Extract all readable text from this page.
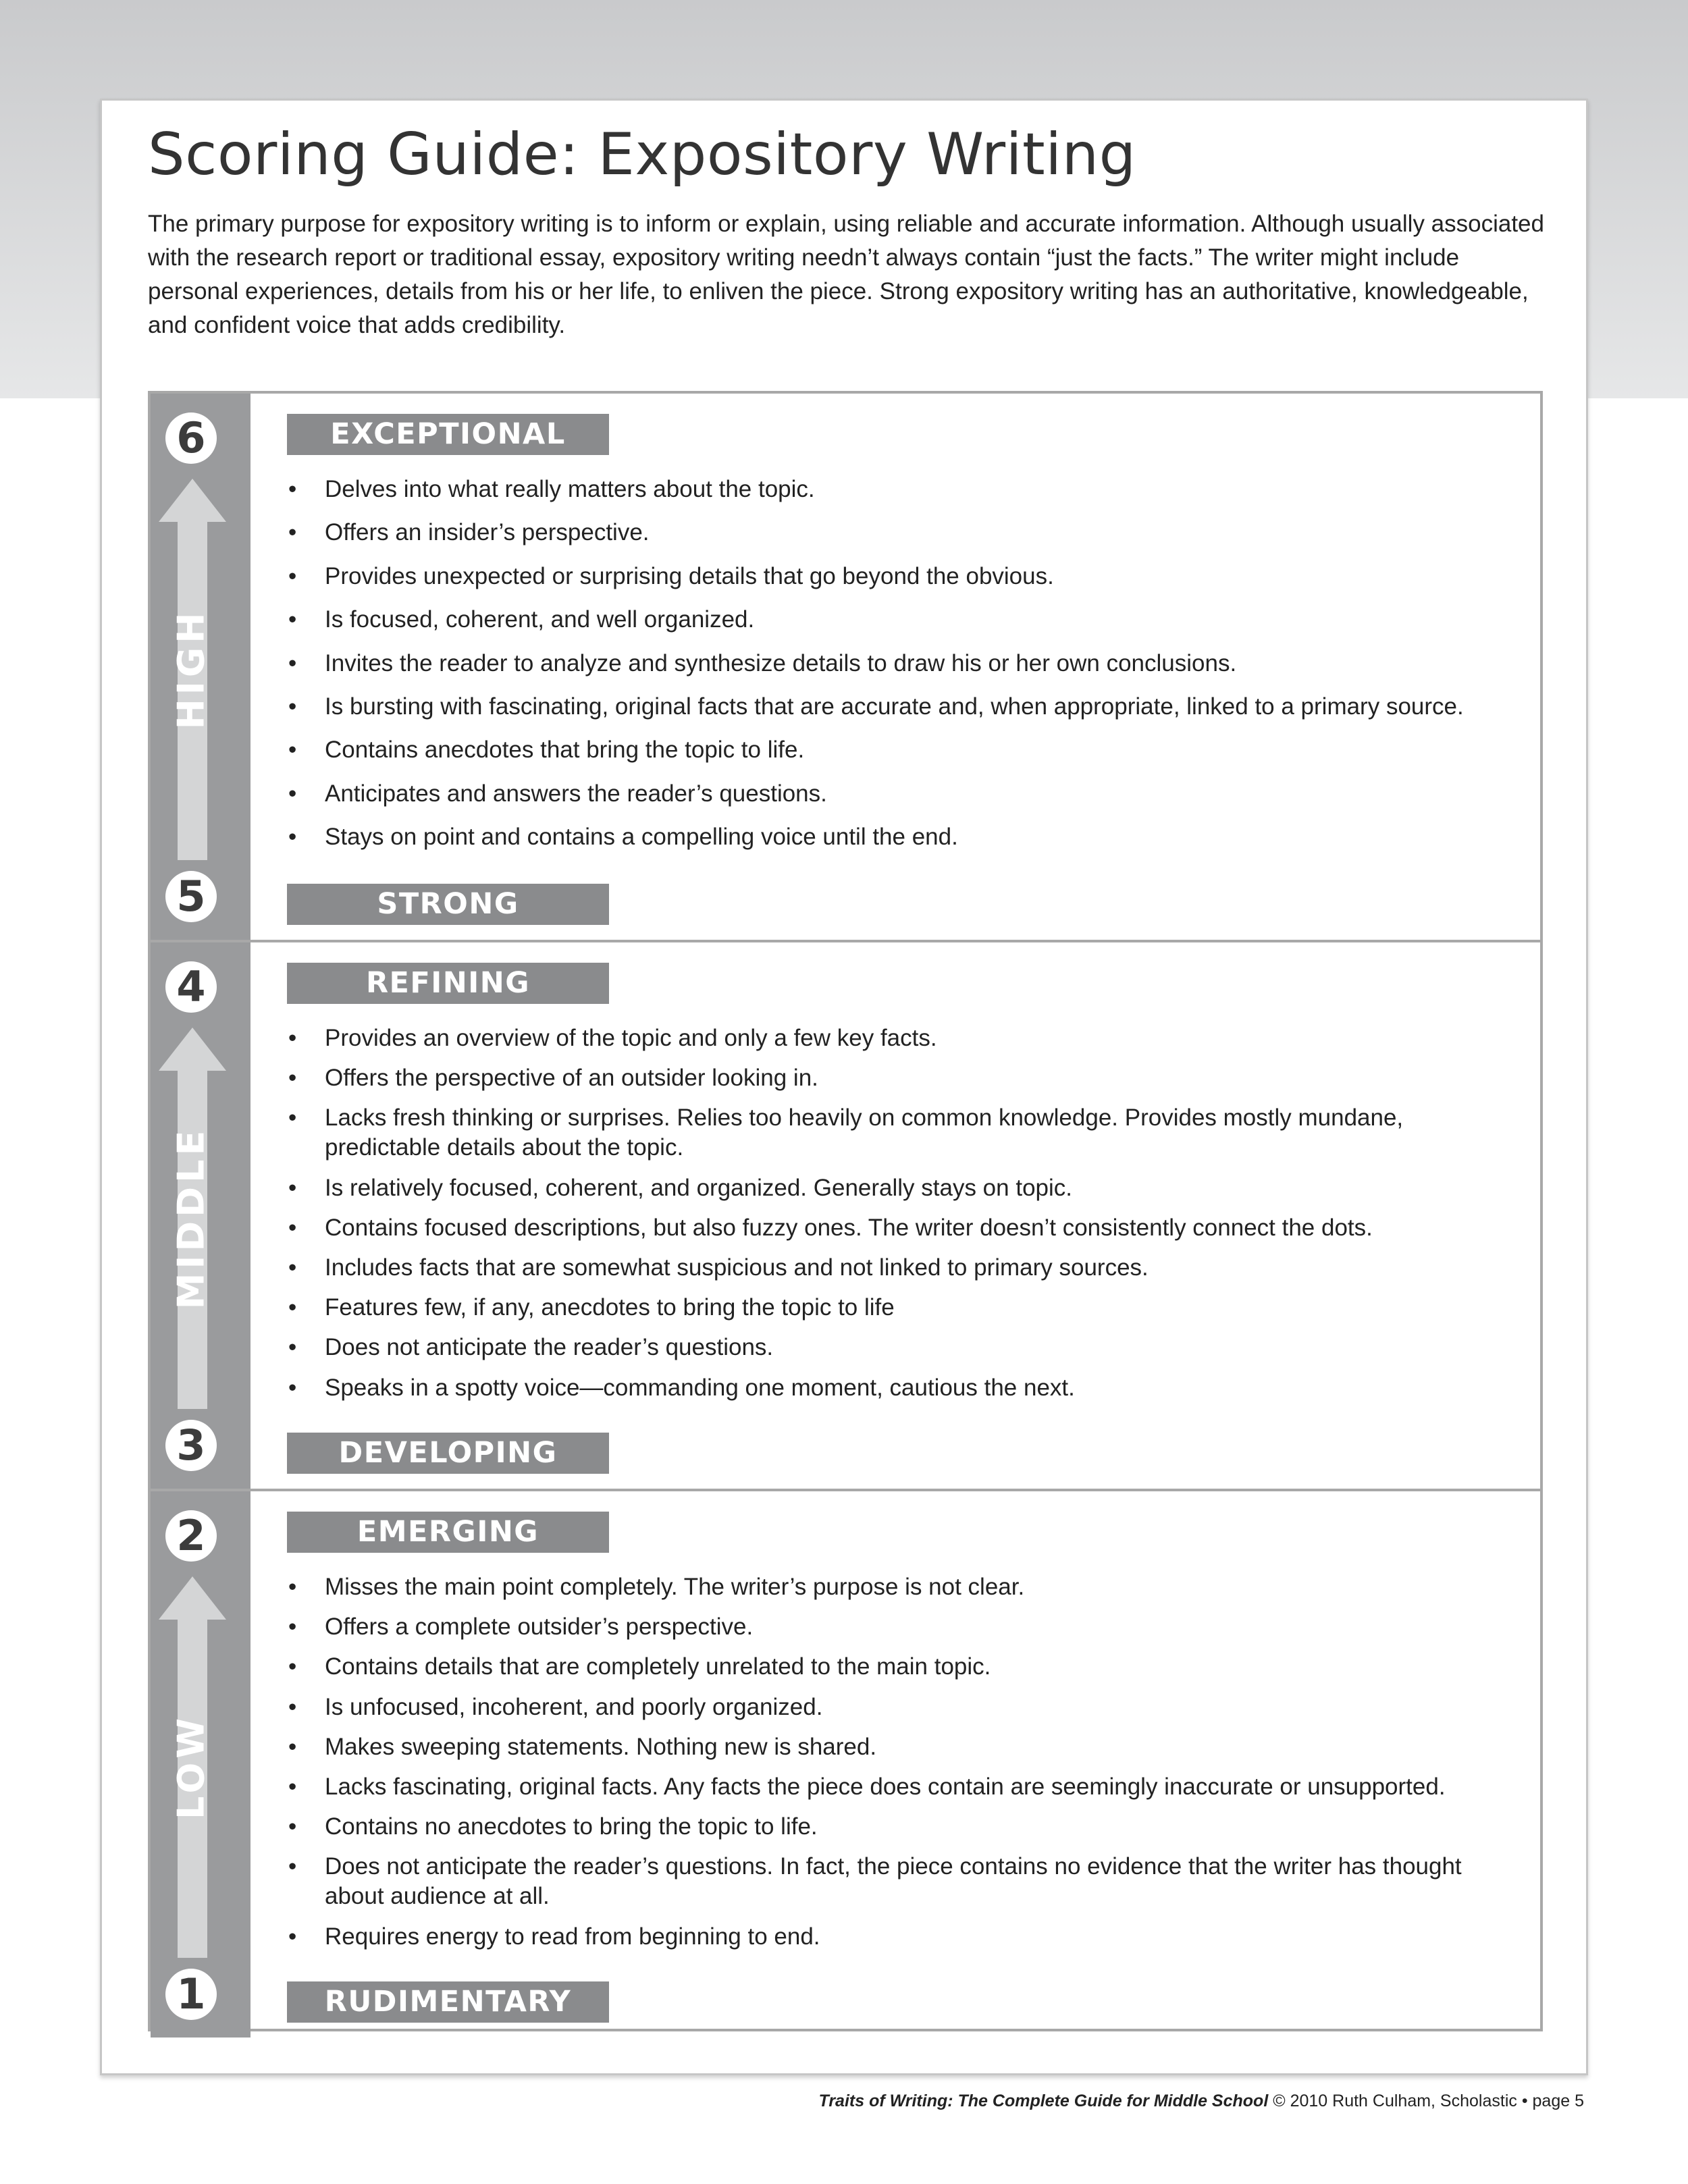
Scoring Guide: Expository Writing

The primary purpose for expository writing is to inform or explain, using reliable and accurate information. Although usually associated with the research report or traditional essay, expository writing needn’t always contain “just the facts.” The writer might include personal experiences, details from his or her life, to enliven the piece. Strong expository writing has an authoritative, knowledgeable, and confident voice that adds credibility.

6
HIGH
5
EXCEPTIONAL
• Delves into what really matters about the topic.
• Offers an insider’s perspective.
• Provides unexpected or surprising details that go beyond the obvious.
• Is focused, coherent, and well organized.
• Invites the reader to analyze and synthesize details to draw his or her own conclusions.
• Is bursting with fascinating, original facts that are accurate and, when appropriate, linked to a primary source.
• Contains anecdotes that bring the topic to life.
• Anticipates and answers the reader’s questions.
• Stays on point and contains a compelling voice until the end.
STRONG
4
MIDDLE
3
REFINING
• Provides an overview of the topic and only a few key facts.
• Offers the perspective of an outsider looking in.
• Lacks fresh thinking or surprises. Relies too heavily on common knowledge. Provides mostly mundane, predictable details about the topic.
• Is relatively focused, coherent, and organized. Generally stays on topic.
• Contains focused descriptions, but also fuzzy ones. The writer doesn’t consistently connect the dots.
• Includes facts that are somewhat suspicious and not linked to primary sources.
• Features few, if any, anecdotes to bring the topic to life
• Does not anticipate the reader’s questions.
• Speaks in a spotty voice—commanding one moment, cautious the next.
DEVELOPING
2
LOW
1
EMERGING
• Misses the main point completely. The writer’s purpose is not clear.
• Offers a complete outsider’s perspective.
• Contains details that are completely unrelated to the main topic.
• Is unfocused, incoherent, and poorly organized.
• Makes sweeping statements. Nothing new is shared.
• Lacks fascinating, original facts. Any facts the piece does contain are seemingly inaccurate or unsupported.
• Contains no anecdotes to bring the topic to life.
• Does not anticipate the reader’s questions. In fact, the piece contains no evidence that the writer has thought about audience at all.
• Requires energy to read from beginning to end.
RUDIMENTARY
Traits of Writing: The Complete Guide for Middle School © 2010 Ruth Culham, Scholastic • page 5
